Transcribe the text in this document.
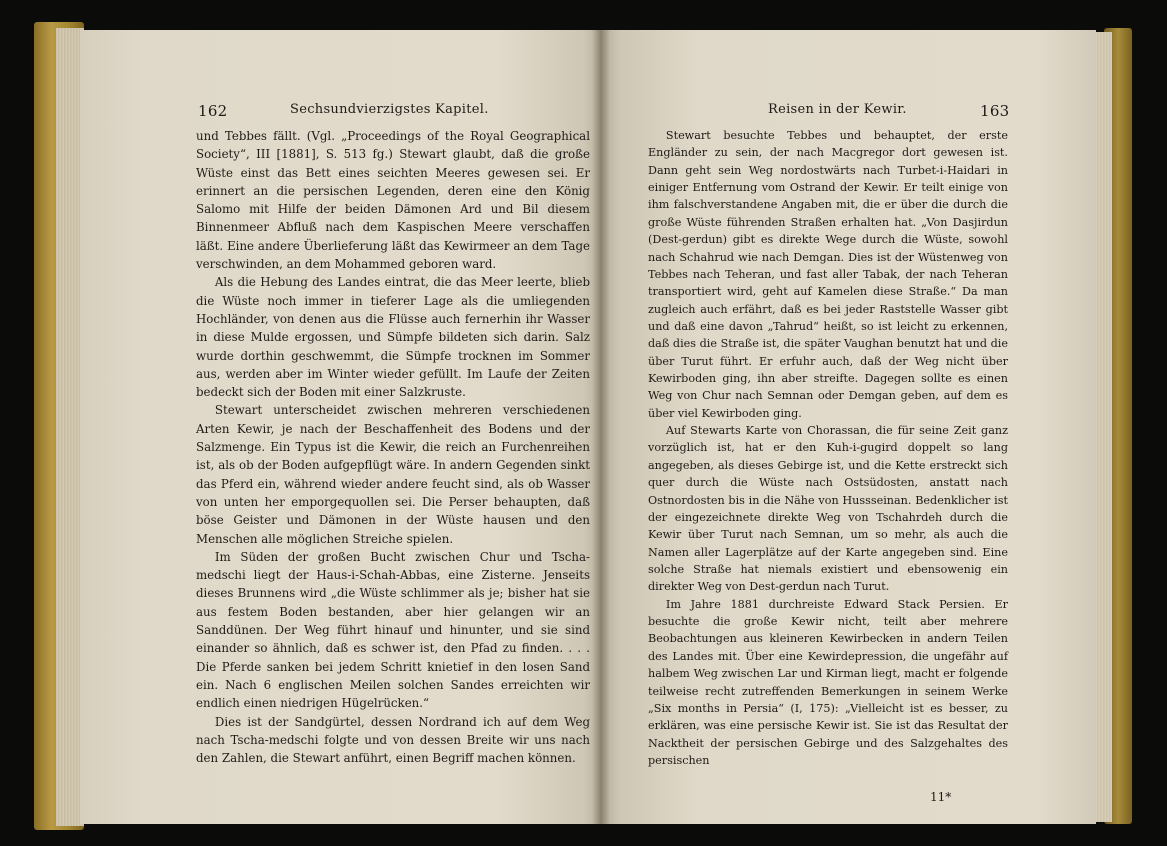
162	Sechsundvierzigstes Kapitel.

und Tebbes fällt. (Vgl. „Proceedings of the Royal Geographical Society“, III [1881], S. 513 fg.) Stewart glaubt, daß die große Wüste einst das Bett eines seichten Meeres gewesen sei. Er erinnert an die persischen Legenden, deren eine den König Salomo mit Hilfe der beiden Dämonen Ard und Bil diesem Binnenmeer Abfluß nach dem Kaspischen Meere verschaffen läßt. Eine andere Überlieferung läßt das Kewirmeer an dem Tage verschwinden, an dem Mohammed geboren ward.

Als die Hebung des Landes eintrat, die das Meer leerte, blieb die Wüste noch immer in tieferer Lage als die umliegenden Hochländer, von denen aus die Flüsse auch fernerhin ihr Wasser in diese Mulde ergossen, und Sümpfe bildeten sich darin. Salz wurde dorthin geschwemmt, die Sümpfe trocknen im Sommer aus, werden aber im Winter wieder gefüllt. Im Laufe der Zeiten bedeckt sich der Boden mit einer Salzkruste.

Stewart unterscheidet zwischen mehreren verschiedenen Arten Kewir, je nach der Beschaffenheit des Bodens und der Salzmenge. Ein Typus ist die Kewir, die reich an Furchenreihen ist, als ob der Boden aufgepflügt wäre. In andern Gegenden sinkt das Pferd ein, während wieder andere feucht sind, als ob Wasser von unten her emporgequollen sei. Die Perser behaupten, daß böse Geister und Dämonen in der Wüste hausen und den Menschen alle möglichen Streiche spielen.

Im Süden der großen Bucht zwischen Chur und Tscha-medschi liegt der Haus-i-Schah-Abbas, eine Zisterne. Jenseits dieses Brunnens wird „die Wüste schlimmer als je; bisher hat sie aus festem Boden bestanden, aber hier gelangen wir an Sanddünen. Der Weg führt hinauf und hinunter, und sie sind einander so ähnlich, daß es schwer ist, den Pfad zu finden. . . . Die Pferde sanken bei jedem Schritt knietief in den losen Sand ein. Nach 6 englischen Meilen solchen Sandes erreichten wir endlich einen niedrigen Hügelrücken.“

Dies ist der Sandgürtel, dessen Nordrand ich auf dem Weg nach Tscha-medschi folgte und von dessen Breite wir uns nach den Zahlen, die Stewart anführt, einen Begriff machen können.

Reisen in der Kewir.	163

Stewart besuchte Tebbes und behauptet, der erste Engländer zu sein, der nach Macgregor dort gewesen ist. Dann geht sein Weg nordostwärts nach Turbet-i-Haidari in einiger Entfernung vom Ostrand der Kewir. Er teilt einige von ihm falschverstandene Angaben mit, die er über die durch die große Wüste führenden Straßen erhalten hat. „Von Dasjirdun (Dest-gerdun) gibt es direkte Wege durch die Wüste, sowohl nach Schahrud wie nach Demgan. Dies ist der Wüstenweg von Tebbes nach Teheran, und fast aller Tabak, der nach Teheran transportiert wird, geht auf Kamelen diese Straße.“ Da man zugleich auch erfährt, daß es bei jeder Raststelle Wasser gibt und daß eine davon „Tahrud“ heißt, so ist leicht zu erkennen, daß dies die Straße ist, die später Vaughan benutzt hat und die über Turut führt. Er erfuhr auch, daß der Weg nicht über Kewirboden ging, ihn aber streifte. Dagegen sollte es einen Weg von Chur nach Semnan oder Demgan geben, auf dem es über viel Kewirboden ging.

Auf Stewarts Karte von Chorassan, die für seine Zeit ganz vorzüglich ist, hat er den Kuh-i-gugird doppelt so lang angegeben, als dieses Gebirge ist, und die Kette erstreckt sich quer durch die Wüste nach Ostsüdosten, anstatt nach Ostnordosten bis in die Nähe von Hussseinan. Bedenklicher ist der eingezeichnete direkte Weg von Tschahrdeh durch die Kewir über Turut nach Semnan, um so mehr, als auch die Namen aller Lagerplätze auf der Karte angegeben sind. Eine solche Straße hat niemals existiert und ebensowenig ein direkter Weg von Dest-gerdun nach Turut.

Im Jahre 1881 durchreiste Edward Stack Persien. Er besuchte die große Kewir nicht, teilt aber mehrere Beobachtungen aus kleineren Kewirbecken in andern Teilen des Landes mit. Über eine Kewirdepression, die ungefähr auf halbem Weg zwischen Lar und Kirman liegt, macht er folgende teilweise recht zutreffenden Bemerkungen in seinem Werke „Six months in Persia“ (I, 175): „Vielleicht ist es besser, zu erklären, was eine persische Kewir ist. Sie ist das Resultat der Nacktheit der persischen Gebirge und des Salzgehaltes des persischen

11*
